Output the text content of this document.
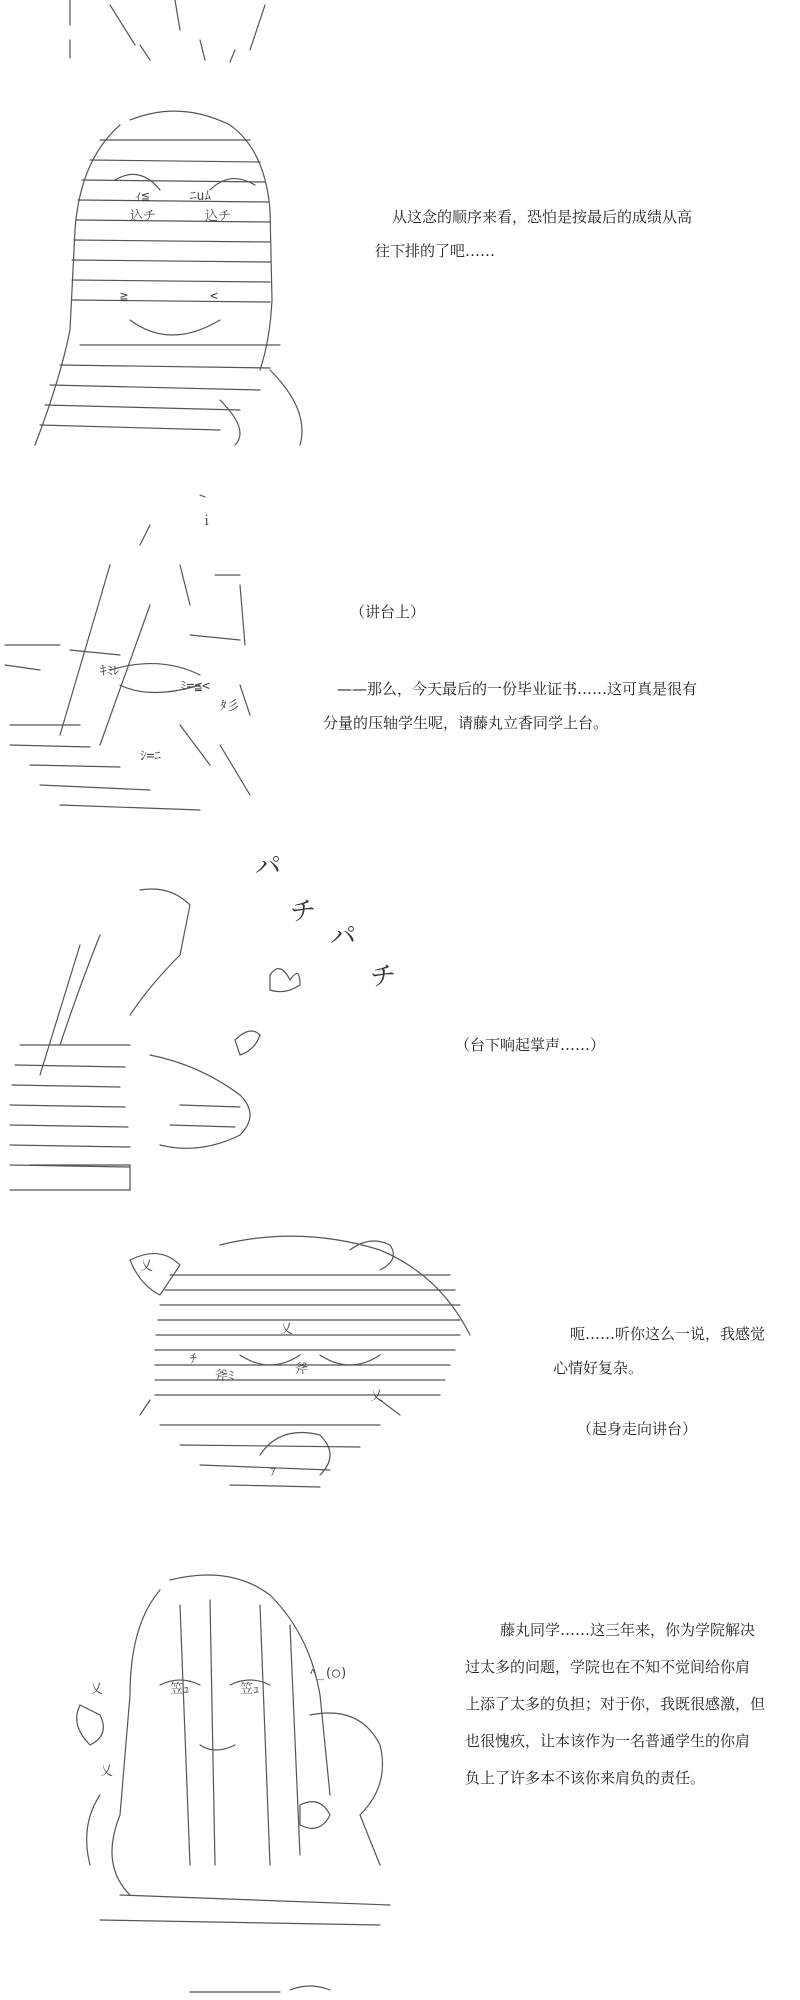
込チ	込チ
ｨ≦	ﾆuﾑ
≧	<
从这念的顺序来看，恐怕是按最后的成绩从高
往下排的了吧……
ｷﾐﾚ
ﾐ=≦<
ﾀ彡
ｼ=ﾆ
ｉ
（讲台上）
——那么，今天最后的一份毕业证书……这可真是很有
分量的压轴学生呢，请藤丸立香同学上台。
パ
チ
パ
チ
（台下响起掌声……）
ﾁ
斧ﾐ	斧
ｧ
乂
乂
乂	呃……听你这么一说，我感觉
心情好复杂。
（起身走向讲台）
笠ｭ	笠ｭ
ﾍ_(◯)
乂
乂
藤丸同学……这三年来，你为学院解决
过太多的问题，学院也在不知不觉间给你肩
上添了太多的负担；对于你，我既很感激，但
也很愧疚，让本该作为一名普通学生的你肩
负上了许多本不该你来肩负的责任。
